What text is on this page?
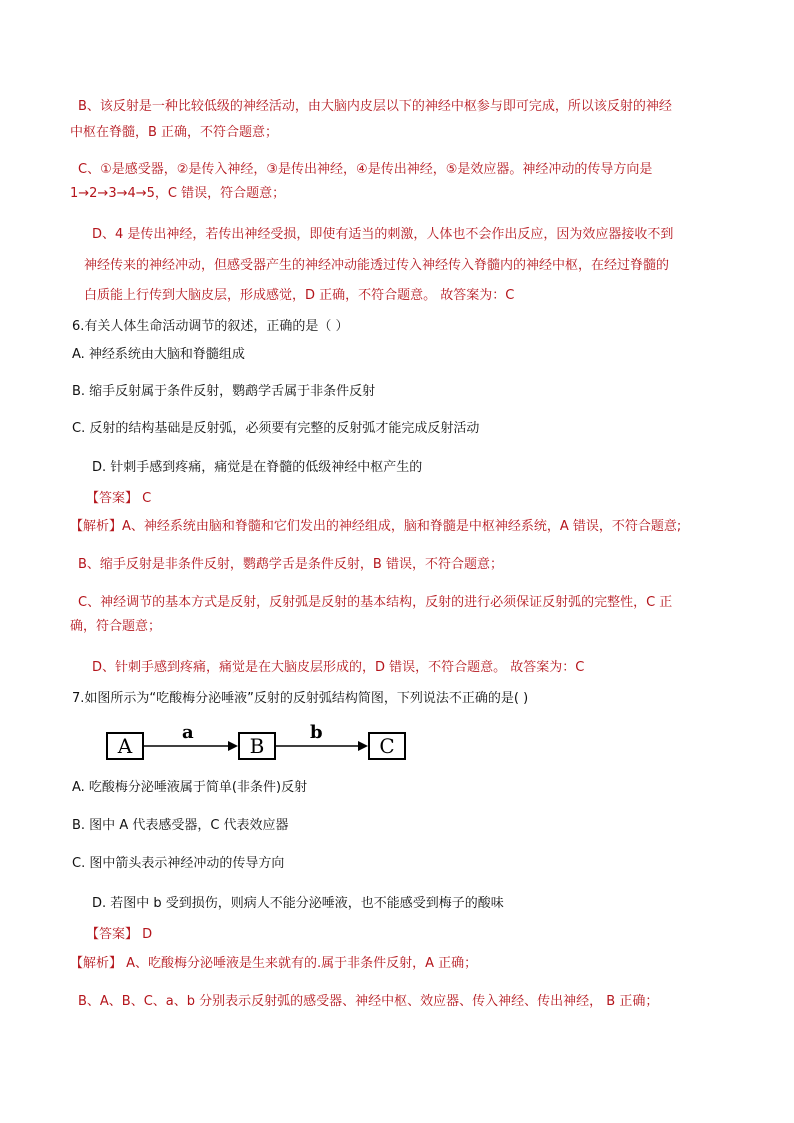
B、该反射是一种比较低级的神经活动，由大脑内皮层以下的神经中枢参与即可完成，所以该反射的神经
中枢在脊髓，B 正确，不符合题意；
C、①是感受器，②是传入神经，③是传出神经，④是传出神经，⑤是效应器。神经冲动的传导方向是
1→2→3→4→5，C 错误，符合题意；
D、4 是传出神经，若传出神经受损，即使有适当的刺激，人体也不会作出反应，因为效应器接收不到
神经传来的神经冲动，但感受器产生的神经冲动能透过传入神经传入脊髓内的神经中枢，在经过脊髓的
白质能上行传到大脑皮层，形成感觉，D 正确，不符合题意。 故答案为：C
6.有关人体生命活动调节的叙述，正确的是（ ）
A. 神经系统由大脑和脊髓组成
B. 缩手反射属于条件反射，鹦鹉学舌属于非条件反射
C. 反射的结构基础是反射弧，必须要有完整的反射弧才能完成反射活动
D. 针刺手感到疼痛，痛觉是在脊髓的低级神经中枢产生的
【答案】 C
【解析】A、神经系统由脑和脊髓和它们发出的神经组成，脑和脊髓是中枢神经系统，A 错误，不符合题意;
B、缩手反射是非条件反射，鹦鹉学舌是条件反射，B 错误，不符合题意；
C、神经调节的基本方式是反射，反射弧是反射的基本结构，反射的进行必须保证反射弧的完整性，C 正
确，符合题意；
D、针刺手感到疼痛，痛觉是在大脑皮层形成的，D 错误，不符合题意。 故答案为：C
7.如图所示为“吃酸梅分泌唾液”反射的反射弧结构简图，下列说法不正确的是( )
A
a
B
b
C
A. 吃酸梅分泌唾液属于简单(非条件)反射
B. 图中 A 代表感受器，C 代表效应器
C. 图中箭头表示神经冲动的传导方向
D. 若图中 b 受到损伤，则病人不能分泌唾液，也不能感受到梅子的酸味
【答案】 D
【解析】 A、吃酸梅分泌唾液是生来就有的.属于非条件反射，A 正确；
B、A、B、C、a、b 分别表示反射弧的感受器、神经中枢、效应器、传入神经、传出神经， B 正确；
